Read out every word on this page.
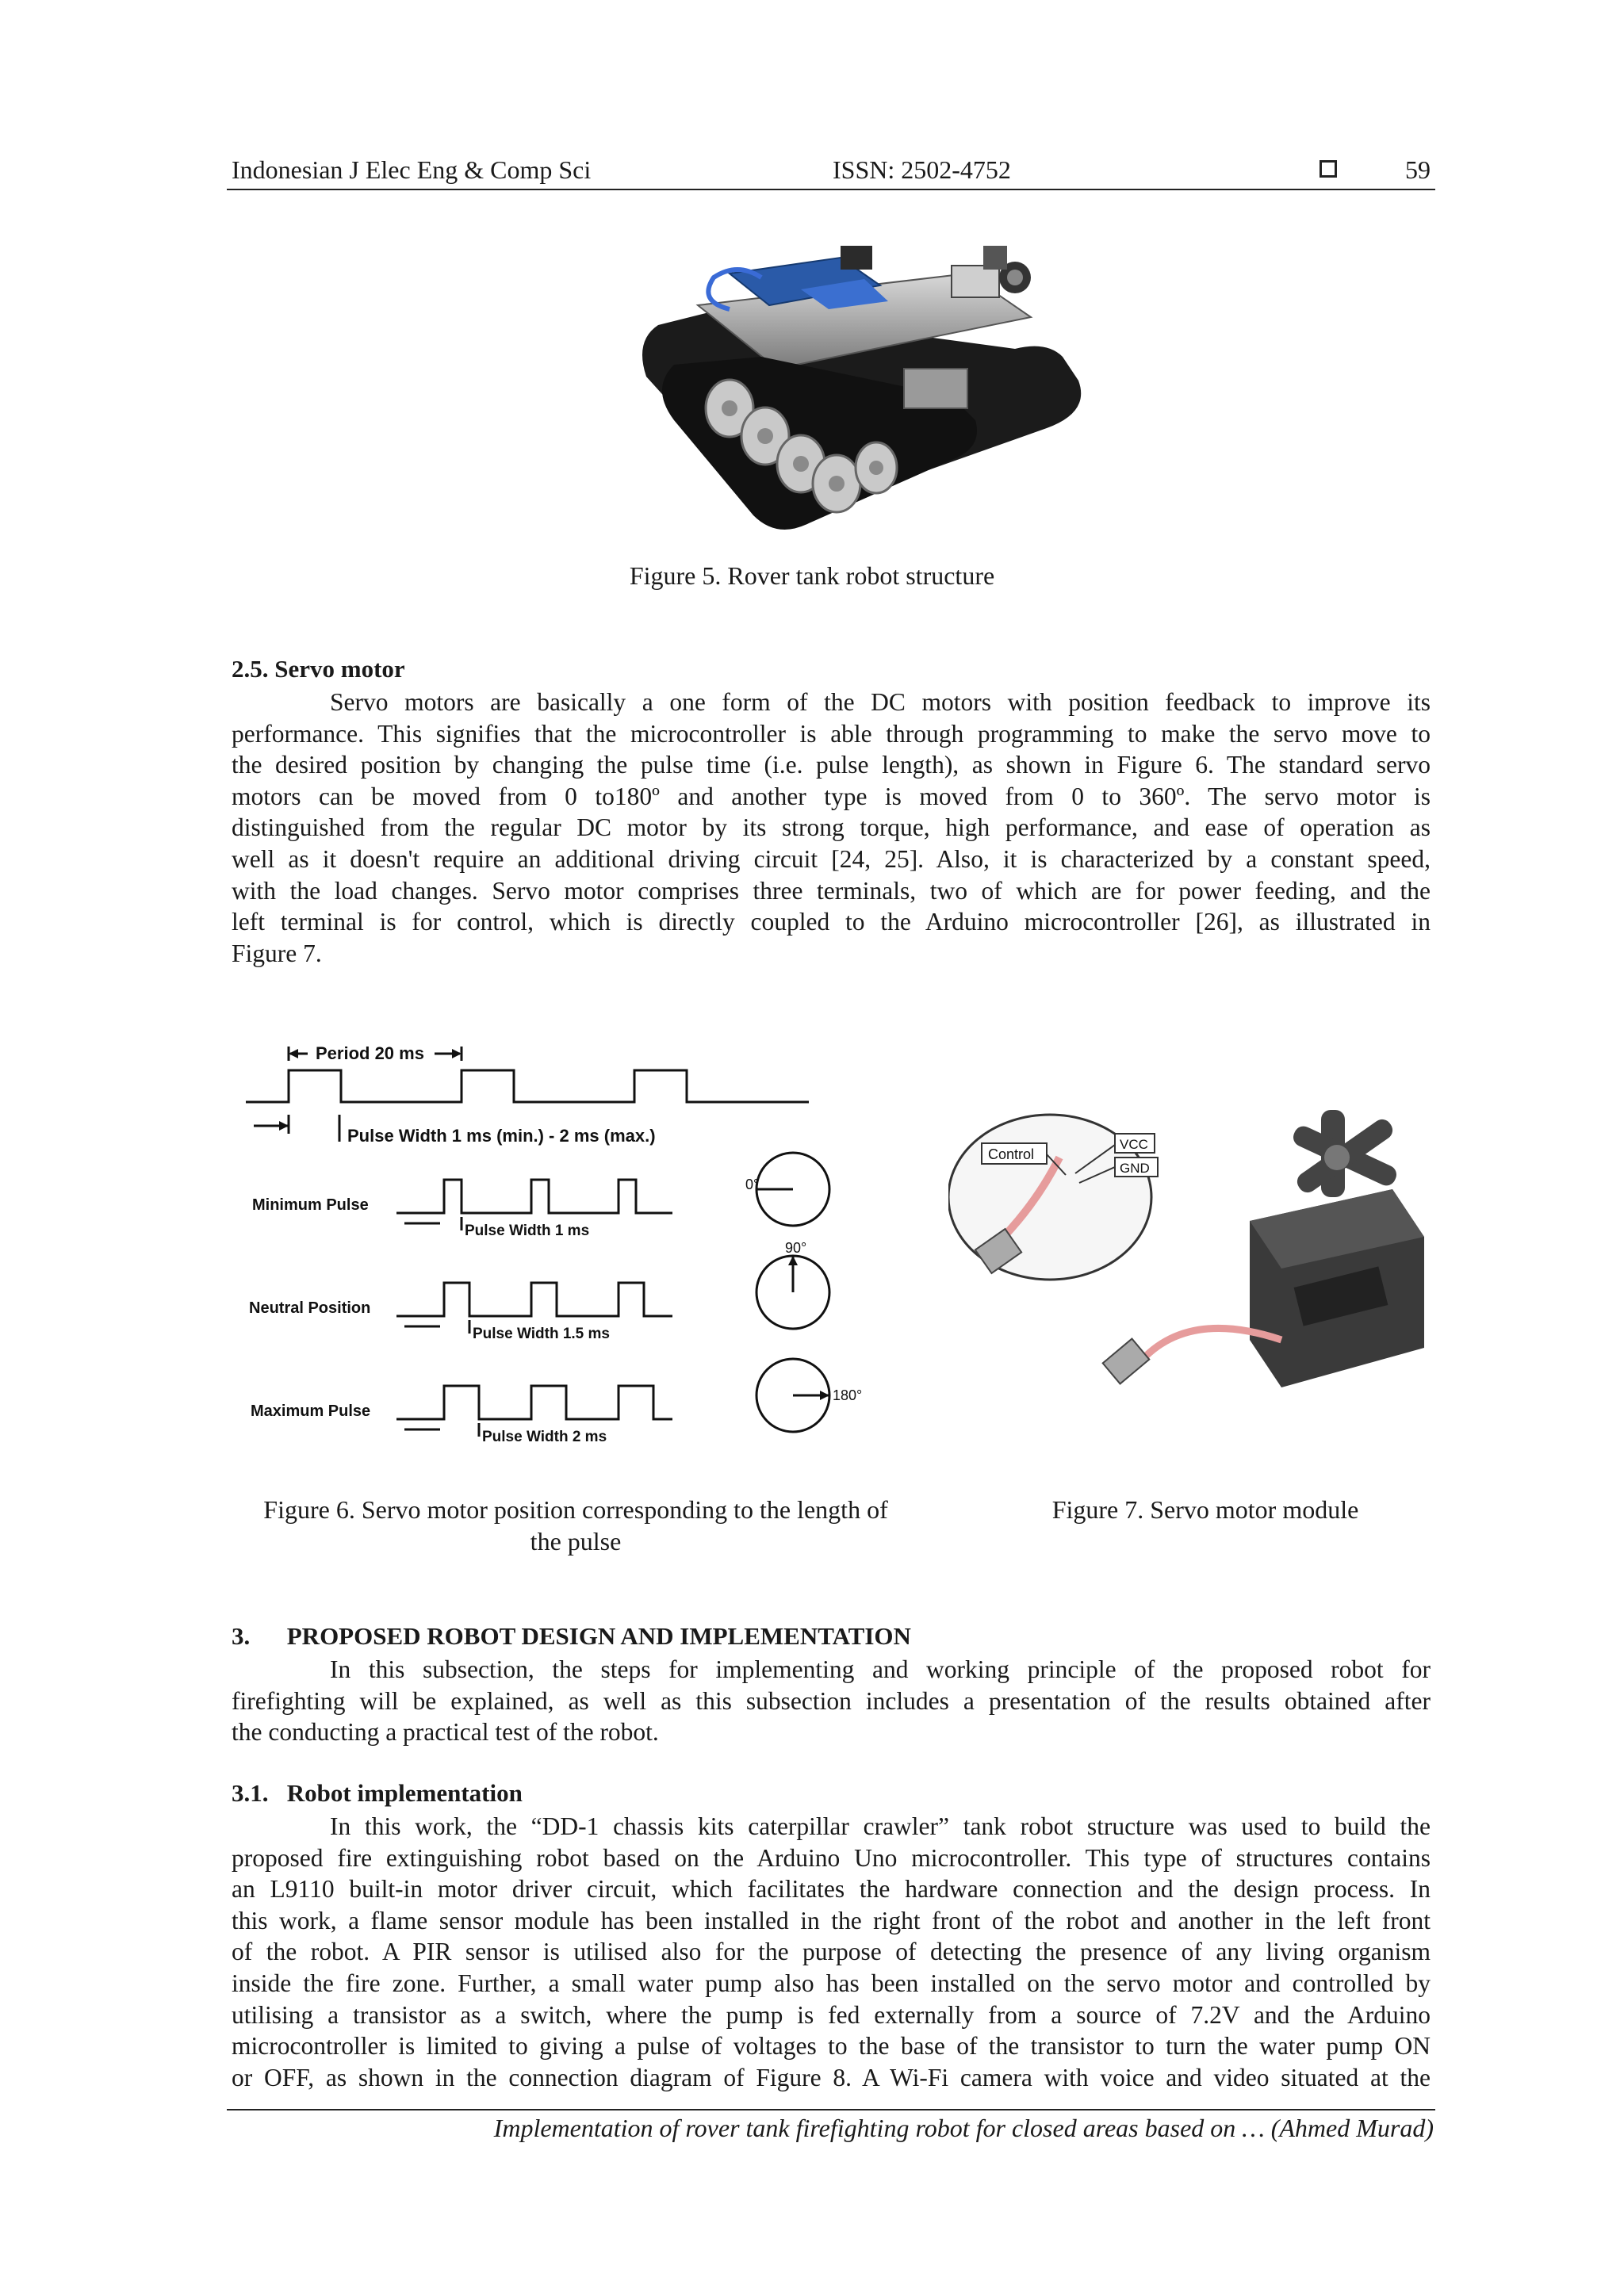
Indonesian J Elec Eng & Comp Sci	ISSN: 2502-4752	59
Figure 5. Rover tank robot structure
2.5. Servo motor
Servo motors are basically a one form of the DC motors with position feedback to improve its
performance. This signifies that the microcontroller is able through programming to make the servo move to
the desired position by changing the pulse time (i.e. pulse length), as shown in Figure 6. The standard servo
motors can be moved from 0 to180º and another type is moved from 0 to 360º. The servo motor is
distinguished from the regular DC motor by its strong torque, high performance, and ease of operation as
well as it doesn't require an additional driving circuit [24, 25]. Also, it is characterized by a constant speed,
with the load changes. Servo motor comprises three terminals, two of which are for power feeding, and the
left terminal is for control, which is directly coupled to the Arduino microcontroller [26], as illustrated in
Figure 7.
Period 20 ms
Pulse Width 1 ms (min.) - 2 ms (max.)
Minimum Pulse
Pulse Width 1 ms
0°
Neutral Position
Pulse Width 1.5 ms
90°
Maximum Pulse
Pulse Width 2 ms
180°
Control
VCC
GND
Figure 6. Servo motor position corresponding to the length of
the pulse
Figure 7. Servo motor module
3.      PROPOSED ROBOT DESIGN AND IMPLEMENTATION
In this subsection, the steps for implementing and working principle of the proposed robot for
firefighting will be explained, as well as this subsection includes a presentation of the results obtained after
the conducting a practical test of the robot.
3.1.   Robot implementation
In this work, the “DD-1 chassis kits caterpillar crawler” tank robot structure was used to build the
proposed fire extinguishing robot based on the Arduino Uno microcontroller. This type of structures contains
an L9110 built-in motor driver circuit, which facilitates the hardware connection and the design process. In
this work, a flame sensor module has been installed in the right front of the robot and another in the left front
of the robot. A PIR sensor is utilised also for the purpose of detecting the presence of any living organism
inside the fire zone. Further, a small water pump also has been installed on the servo motor and controlled by
utilising a transistor as a switch, where the pump is fed externally from a source of 7.2V and the Arduino
microcontroller is limited to giving a pulse of voltages to the base of the transistor to turn the water pump ON
or OFF, as shown in the connection diagram of Figure 8. A Wi-Fi camera with voice and video situated at the
Implementation of rover tank firefighting robot for closed areas based on … (Ahmed Murad)
